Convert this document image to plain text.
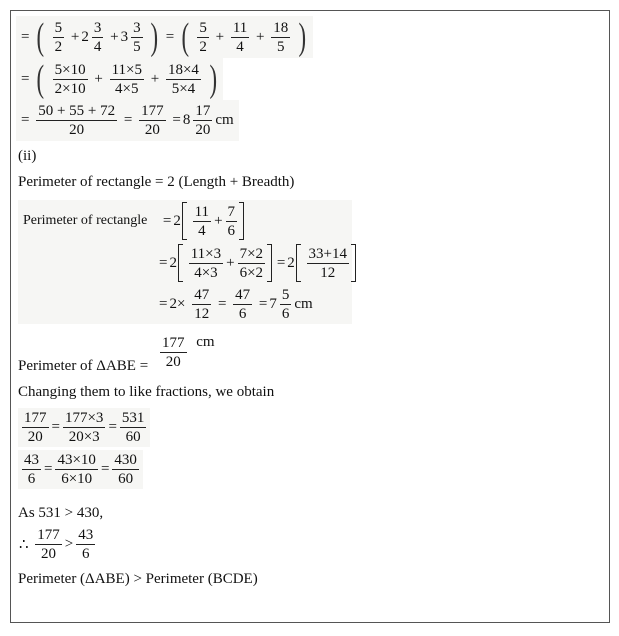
= ( $\frac{5}{2} + 2 \frac{3}{4} + 3 \frac{3}{5}$ ) = ( $\frac{5}{2} + \frac{11}{4} + \frac{18}{5}$ )
= ( $\frac{5\times 10}{2\times 10} + \frac{11\times 5}{4\times 5} + \frac{18\times 4}{5\times 4}$ )
= $\frac{50 + 55 + 72}{20} = \frac{177}{20} = 8 \frac{17}{20}$ cm
(ii)
Perimeter of rectangle = 2 (Length + Breadth)
Perimeter of rectangle = $2 \frac{11}{4} + \frac{7}{6}$
= $2 \frac{11\times 3}{4\times 3} + \frac{7\times 2}{6\times 2} = 2 \frac{33+14}{12}$
= $2\times \frac{47}{12} = \frac{47}{6} = 7 \frac{5}{6}$ cm
Perimeter of $\Delta ABE = \frac{177}{20}$ cm
Changing them to like fractions, we obtain
$\frac{177}{20} = \frac{177\times 3}{20\times 3} = \frac{531}{60}$
$\frac{43}{6} = \frac{43\times 10}{6\times 10} = \frac{430}{60}$
As 531 > 430,
∴ $\frac{177}{20} > \frac{43}{6}$
Perimeter (ΔABE) > Perimeter (BCDE)
